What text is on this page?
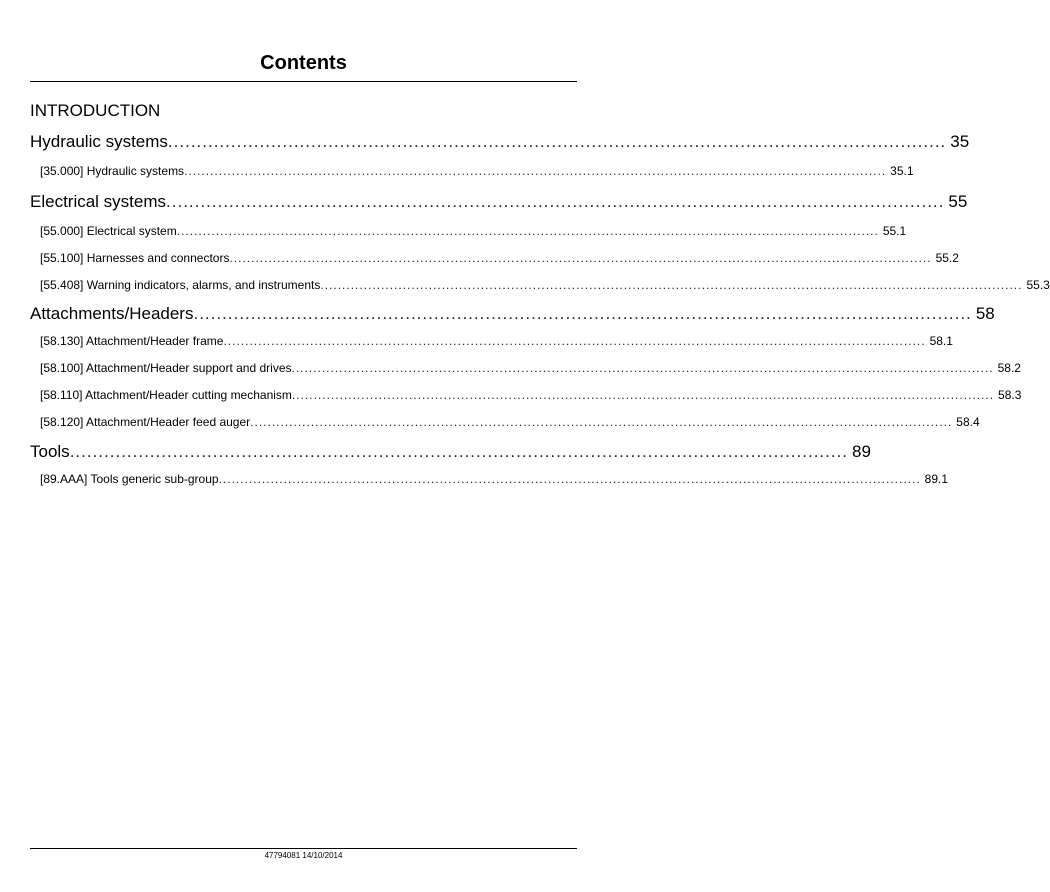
Contents
INTRODUCTION
Hydraulic systems ........................................................................................................................................ 35
[35.000] Hydraulic systems .................................................................................................................................................................. 35.1
Electrical systems ........................................................................................................................................ 55
[55.000] Electrical system .................................................................................................................................................................. 55.1
[55.100] Harnesses and connectors .................................................................................................................................................................. 55.2
[55.408] Warning indicators, alarms, and instruments .................................................................................................................................................................. 55.3
Attachments/Headers ........................................................................................................................................ 58
[58.130] Attachment/Header frame .................................................................................................................................................................. 58.1
[58.100] Attachment/Header support and drives .................................................................................................................................................................. 58.2
[58.110] Attachment/Header cutting mechanism .................................................................................................................................................................. 58.3
[58.120] Attachment/Header feed auger .................................................................................................................................................................. 58.4
Tools ........................................................................................................................................ 89
[89.AAA] Tools generic sub-group .................................................................................................................................................................. 89.1
47794081 14/10/2014
